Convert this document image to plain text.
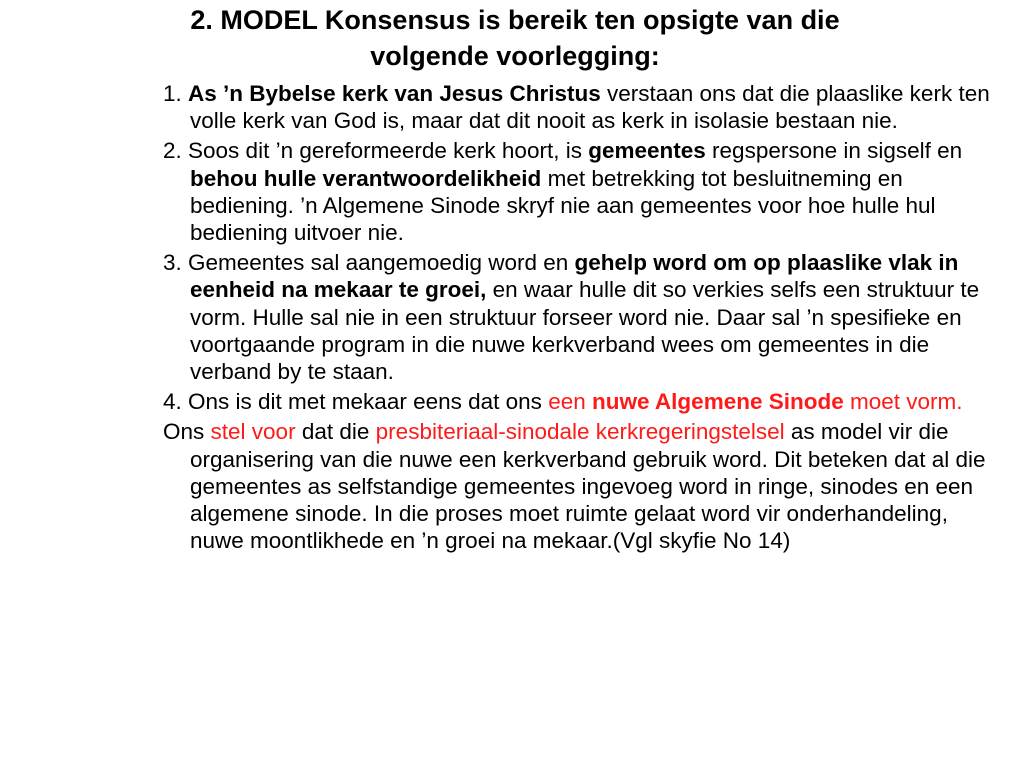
2. MODEL Konsensus is bereik ten opsigte van die
volgende voorlegging:

1. As ’n Bybelse kerk van Jesus Christus verstaan ons dat die plaaslike kerk ten volle kerk van God is, maar dat dit nooit as kerk in isolasie bestaan nie.

2. Soos dit ’n gereformeerde kerk hoort, is gemeentes regspersone in sigself en behou hulle verantwoordelikheid met betrekking tot besluitneming en bediening. ’n Algemene Sinode skryf nie aan gemeentes voor hoe hulle hul bediening uitvoer nie.

3. Gemeentes sal aangemoedig word en gehelp word om op plaaslike vlak in eenheid na mekaar te groei, en waar hulle dit so verkies selfs een struktuur te vorm. Hulle sal nie in een struktuur forseer word nie. Daar sal ’n spesifieke en voortgaande program in die nuwe kerkverband wees om gemeentes in die verband by te staan.

4. Ons is dit met mekaar eens dat ons een nuwe Algemene Sinode moet vorm.

Ons stel voor dat die presbiteriaal-sinodale kerkregeringstelsel as model vir die organisering van die nuwe een kerkverband gebruik word. Dit beteken dat al die gemeentes as selfstandige gemeentes ingevoeg word in ringe, sinodes en een algemene sinode. In die proses moet ruimte gelaat word vir onderhandeling, nuwe moontlikhede en ’n groei na mekaar.(Vgl skyfie No 14)
